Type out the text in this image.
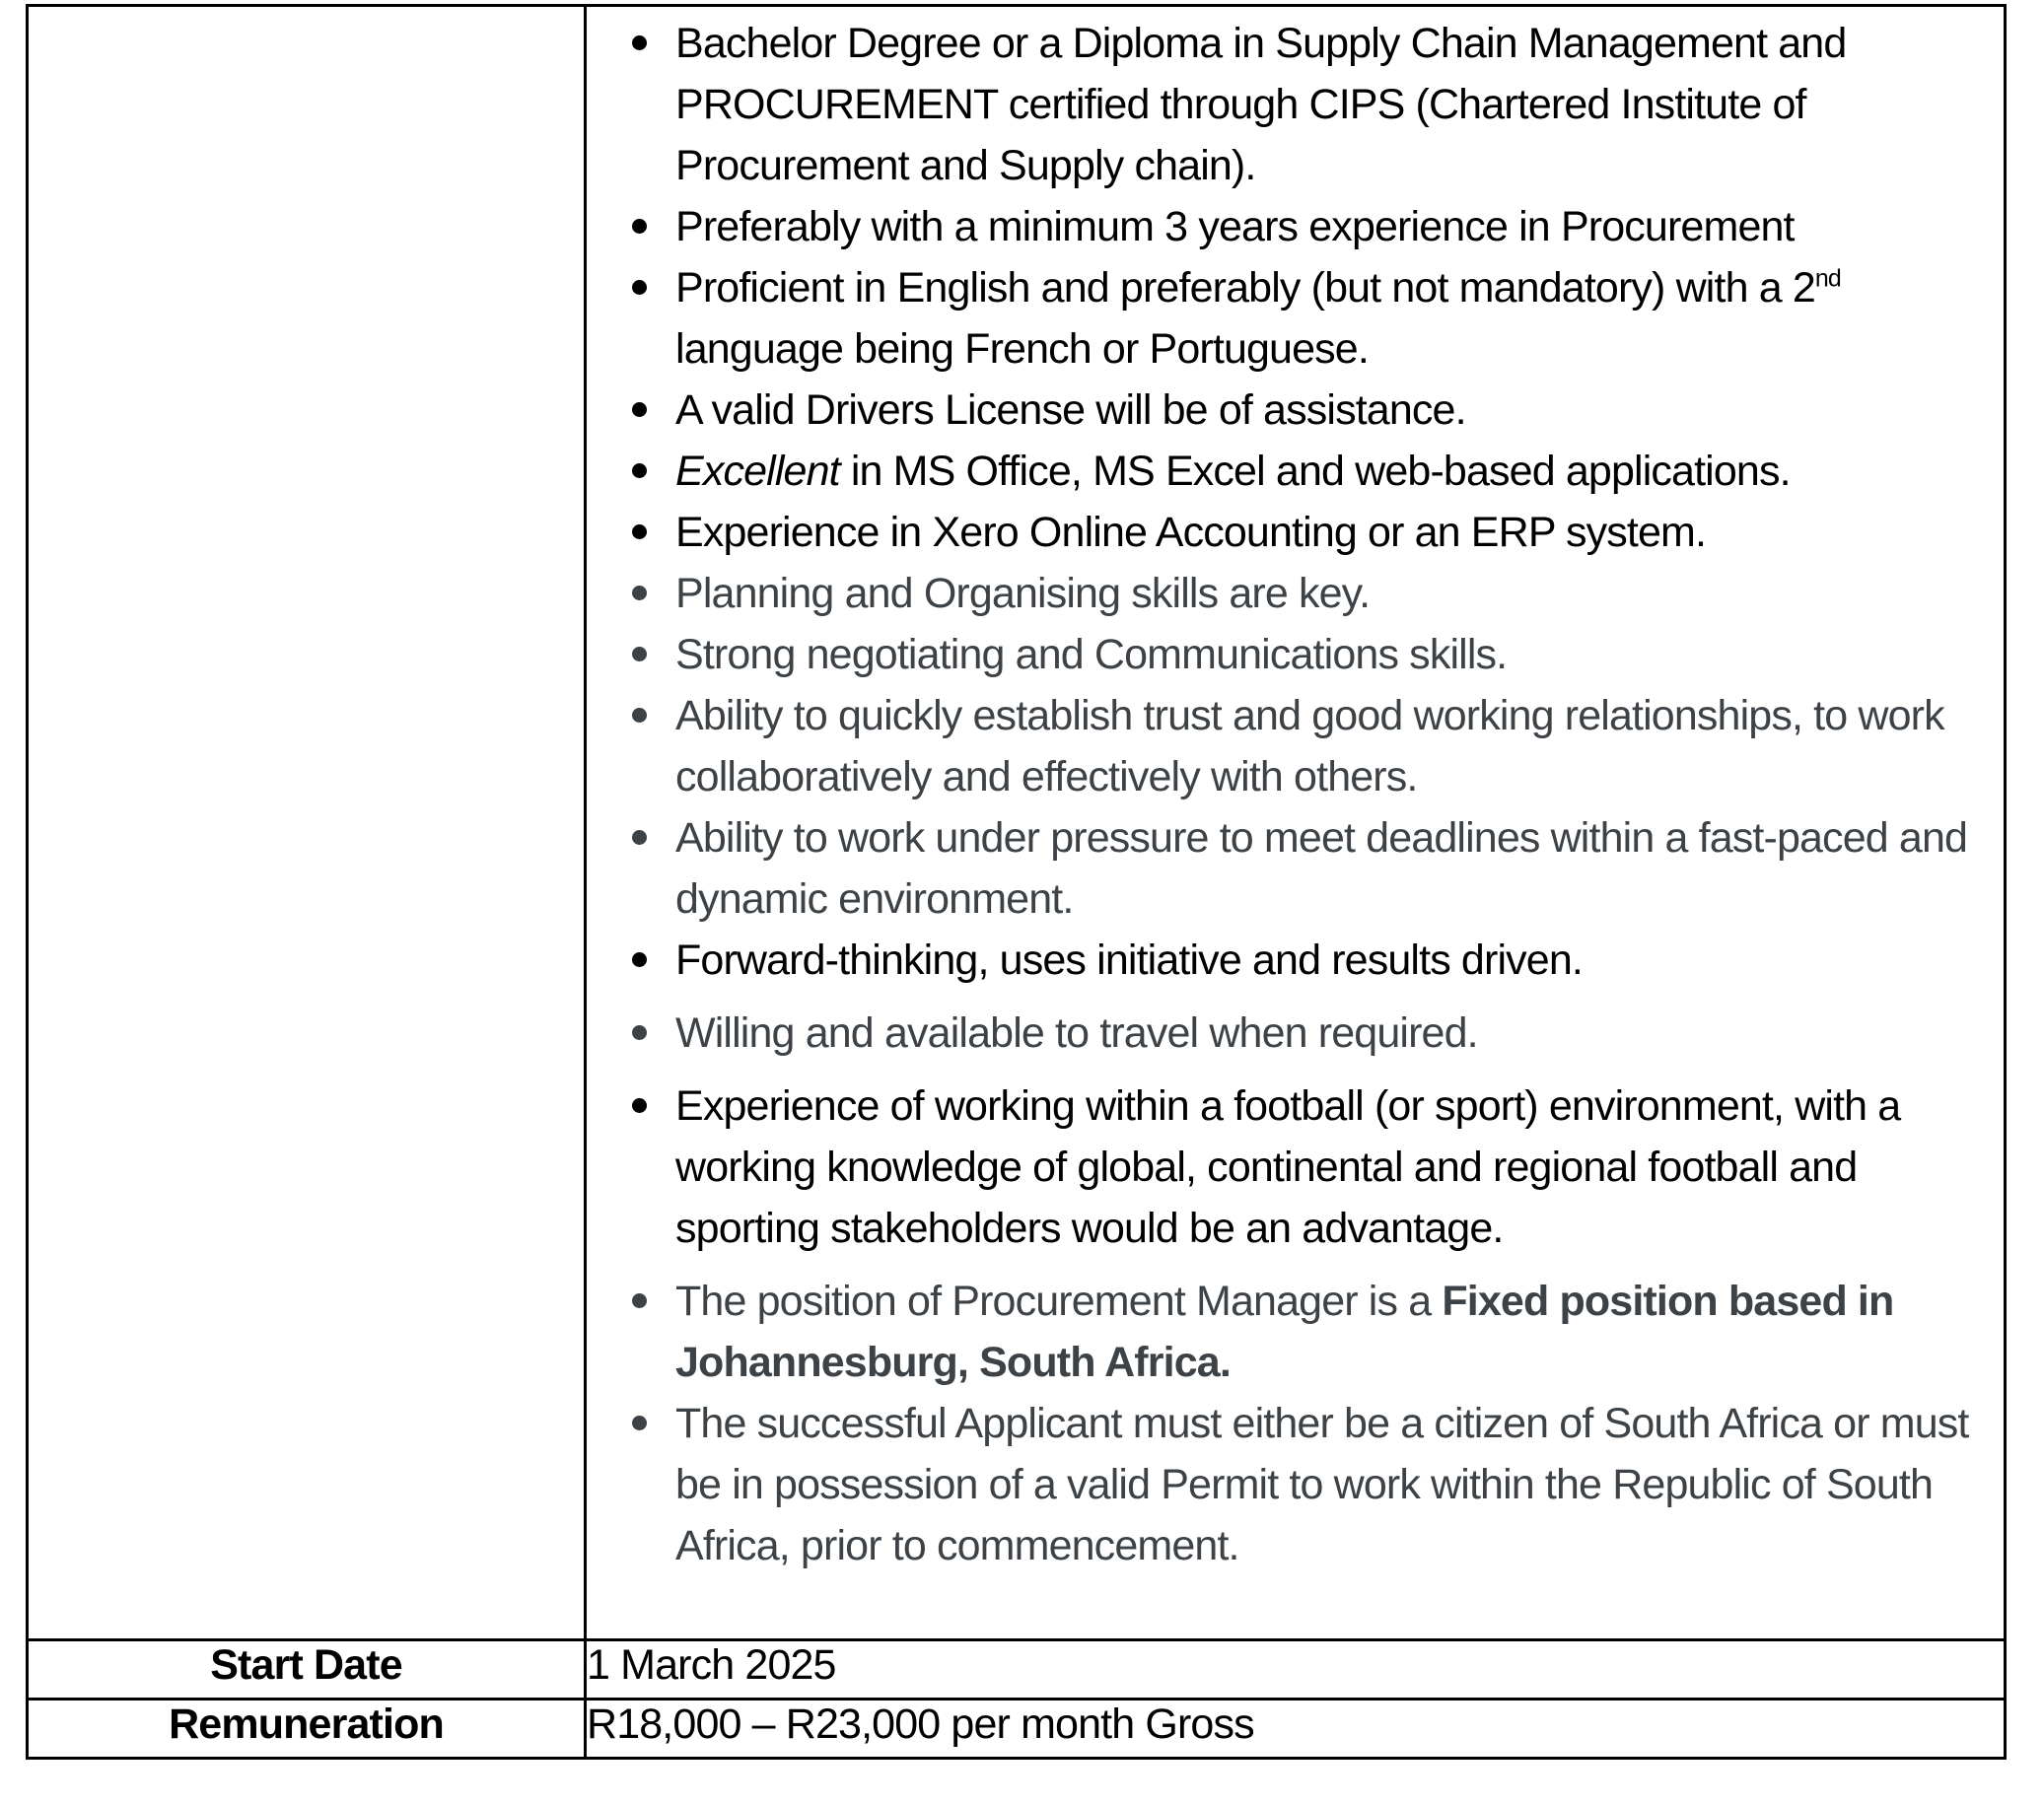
Bachelor Degree or a Diploma in Supply Chain Management and PROCUREMENT certified through CIPS (Chartered Institute of Procurement and Supply chain).
Preferably with a minimum 3 years experience in Procurement
Proficient in English and preferably (but not mandatory) with a 2nd language being French or Portuguese.
A valid Drivers License will be of assistance.
Excellent in MS Office, MS Excel and web-based applications.
Experience in Xero Online Accounting or an ERP system.
Planning and Organising skills are key.
Strong negotiating and Communications skills.
Ability to quickly establish trust and good working relationships, to work collaboratively and effectively with others.
Ability to work under pressure to meet deadlines within a fast-paced and dynamic environment.
Forward-thinking, uses initiative and results driven.
Willing and available to travel when required.
Experience of working within a football (or sport) environment, with a working knowledge of global, continental and regional football and sporting stakeholders would be an advantage.
The position of Procurement Manager is a Fixed position based in Johannesburg, South Africa.
The successful Applicant must either be a citizen of South Africa or must be in possession of a valid Permit to work within the Republic of South Africa, prior to commencement.

Start Date	1 March 2025
Remuneration	R18,000 – R23,000 per month Gross
